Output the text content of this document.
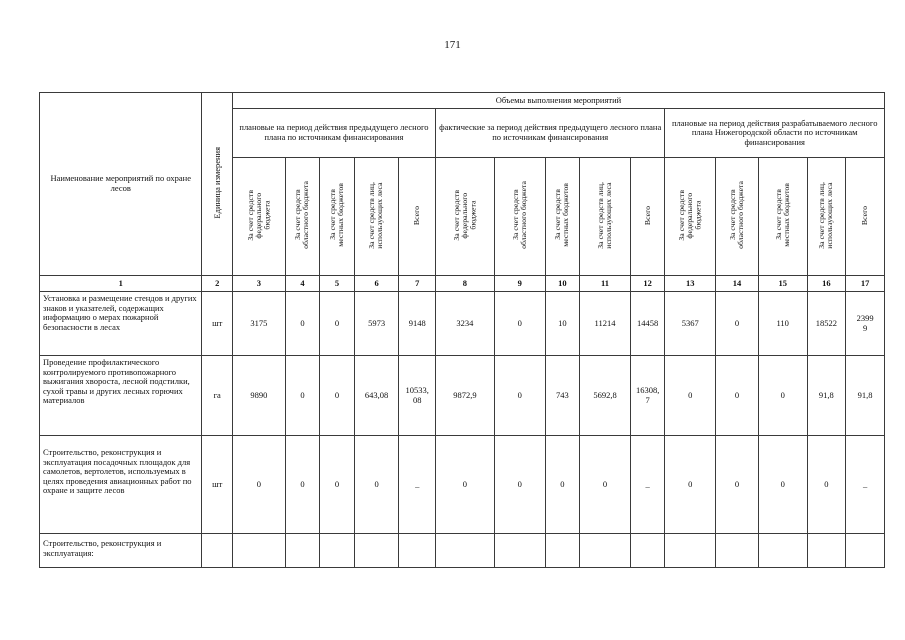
171
Наименование мероприятий по охране лесов	Единица измерения	Объемы выполнения мероприятий														
		плановые на период действия предыдущего лесного плана по источникам финансирования					фактические за период действия предыдущего лесного плана по источникам финансирования					плановые на период действия разрабатываемого лесного плана Нижегородской области по источникам финансирования				
		За счет средств
федерального
бюджета	За счет средств
областного бюджета	За счет средств
местных бюджетов	За счет средств лиц,
использующих леса	Всего	За счет средств
федерального
бюджета	За счет средств
областного бюджета	За счет средств
местных бюджетов	За счет средств лиц,
использующих леса	Всего	За счет средств
федерального
бюджета	За счет средств
областного бюджета	За счет средств
местных бюджетов	За счет средств лиц,
использующих леса	Всего
1	2	3	4	5	6	7	8	9	10	11	12	13	14	15	16	17
Установка и размещение стендов и других знаков и указателей, содержащих информацию о мерах пожарной безопасности в лесах	шт	3175	0	0	5973	9148	3234	0	10	11214	14458	5367	0	110	18522	2399
9
Проведение профилактического контролируемого противопожарного выжигания хвороста, лесной подстилки, сухой травы и других лесных горючих материалов	га	9890	0	0	643,08	10533,
08	9872,9	0	743	5692,8	16308,
7	0	0	0	91,8	91,8
Строительство, реконструкция и эксплуатация посадочных площадок для самолетов, вертолетов, используемых в целях проведения авиационных работ по охране и защите лесов	шт	0	0	0	0	_	0	0	0	0	_	0	0	0	0	_
Строительство, реконструкция и эксплуатация:																
